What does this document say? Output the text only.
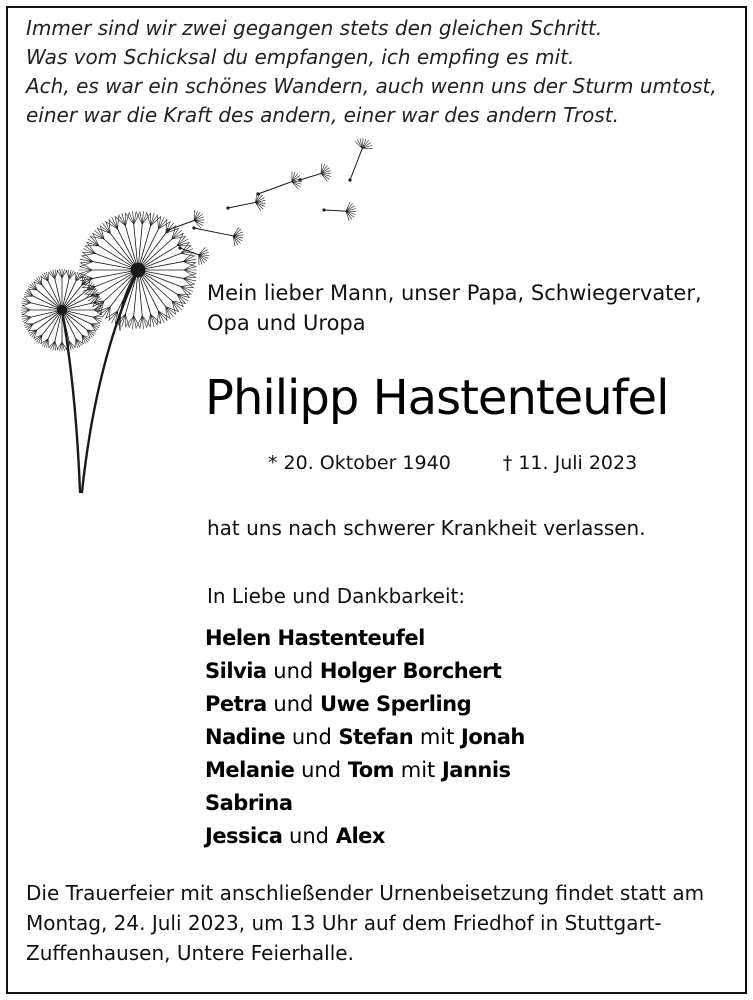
Immer sind wir zwei gegangen stets den gleichen Schritt.
Was vom Schicksal du empfangen, ich empfing es mit.
Ach, es war ein schönes Wandern, auch wenn uns der Sturm umtost,
einer war die Kraft des andern, einer war des andern Trost.
Mein lieber Mann, unser Papa, Schwiegervater,
Opa und Uropa
Philipp Hastenteufel
* 20. Oktober 1940	† 11. Juli 2023
hat uns nach schwerer Krankheit verlassen.
In Liebe und Dankbarkeit:
Helen Hastenteufel
Silvia und Holger Borchert
Petra und Uwe Sperling
Nadine und Stefan mit Jonah
Melanie und Tom mit Jannis
Sabrina
Jessica und Alex
Die Trauerfeier mit anschließender Urnenbeisetzung findet statt am
Montag, 24. Juli 2023, um 13 Uhr auf dem Friedhof in Stuttgart-
Zuffenhausen, Untere Feierhalle.
